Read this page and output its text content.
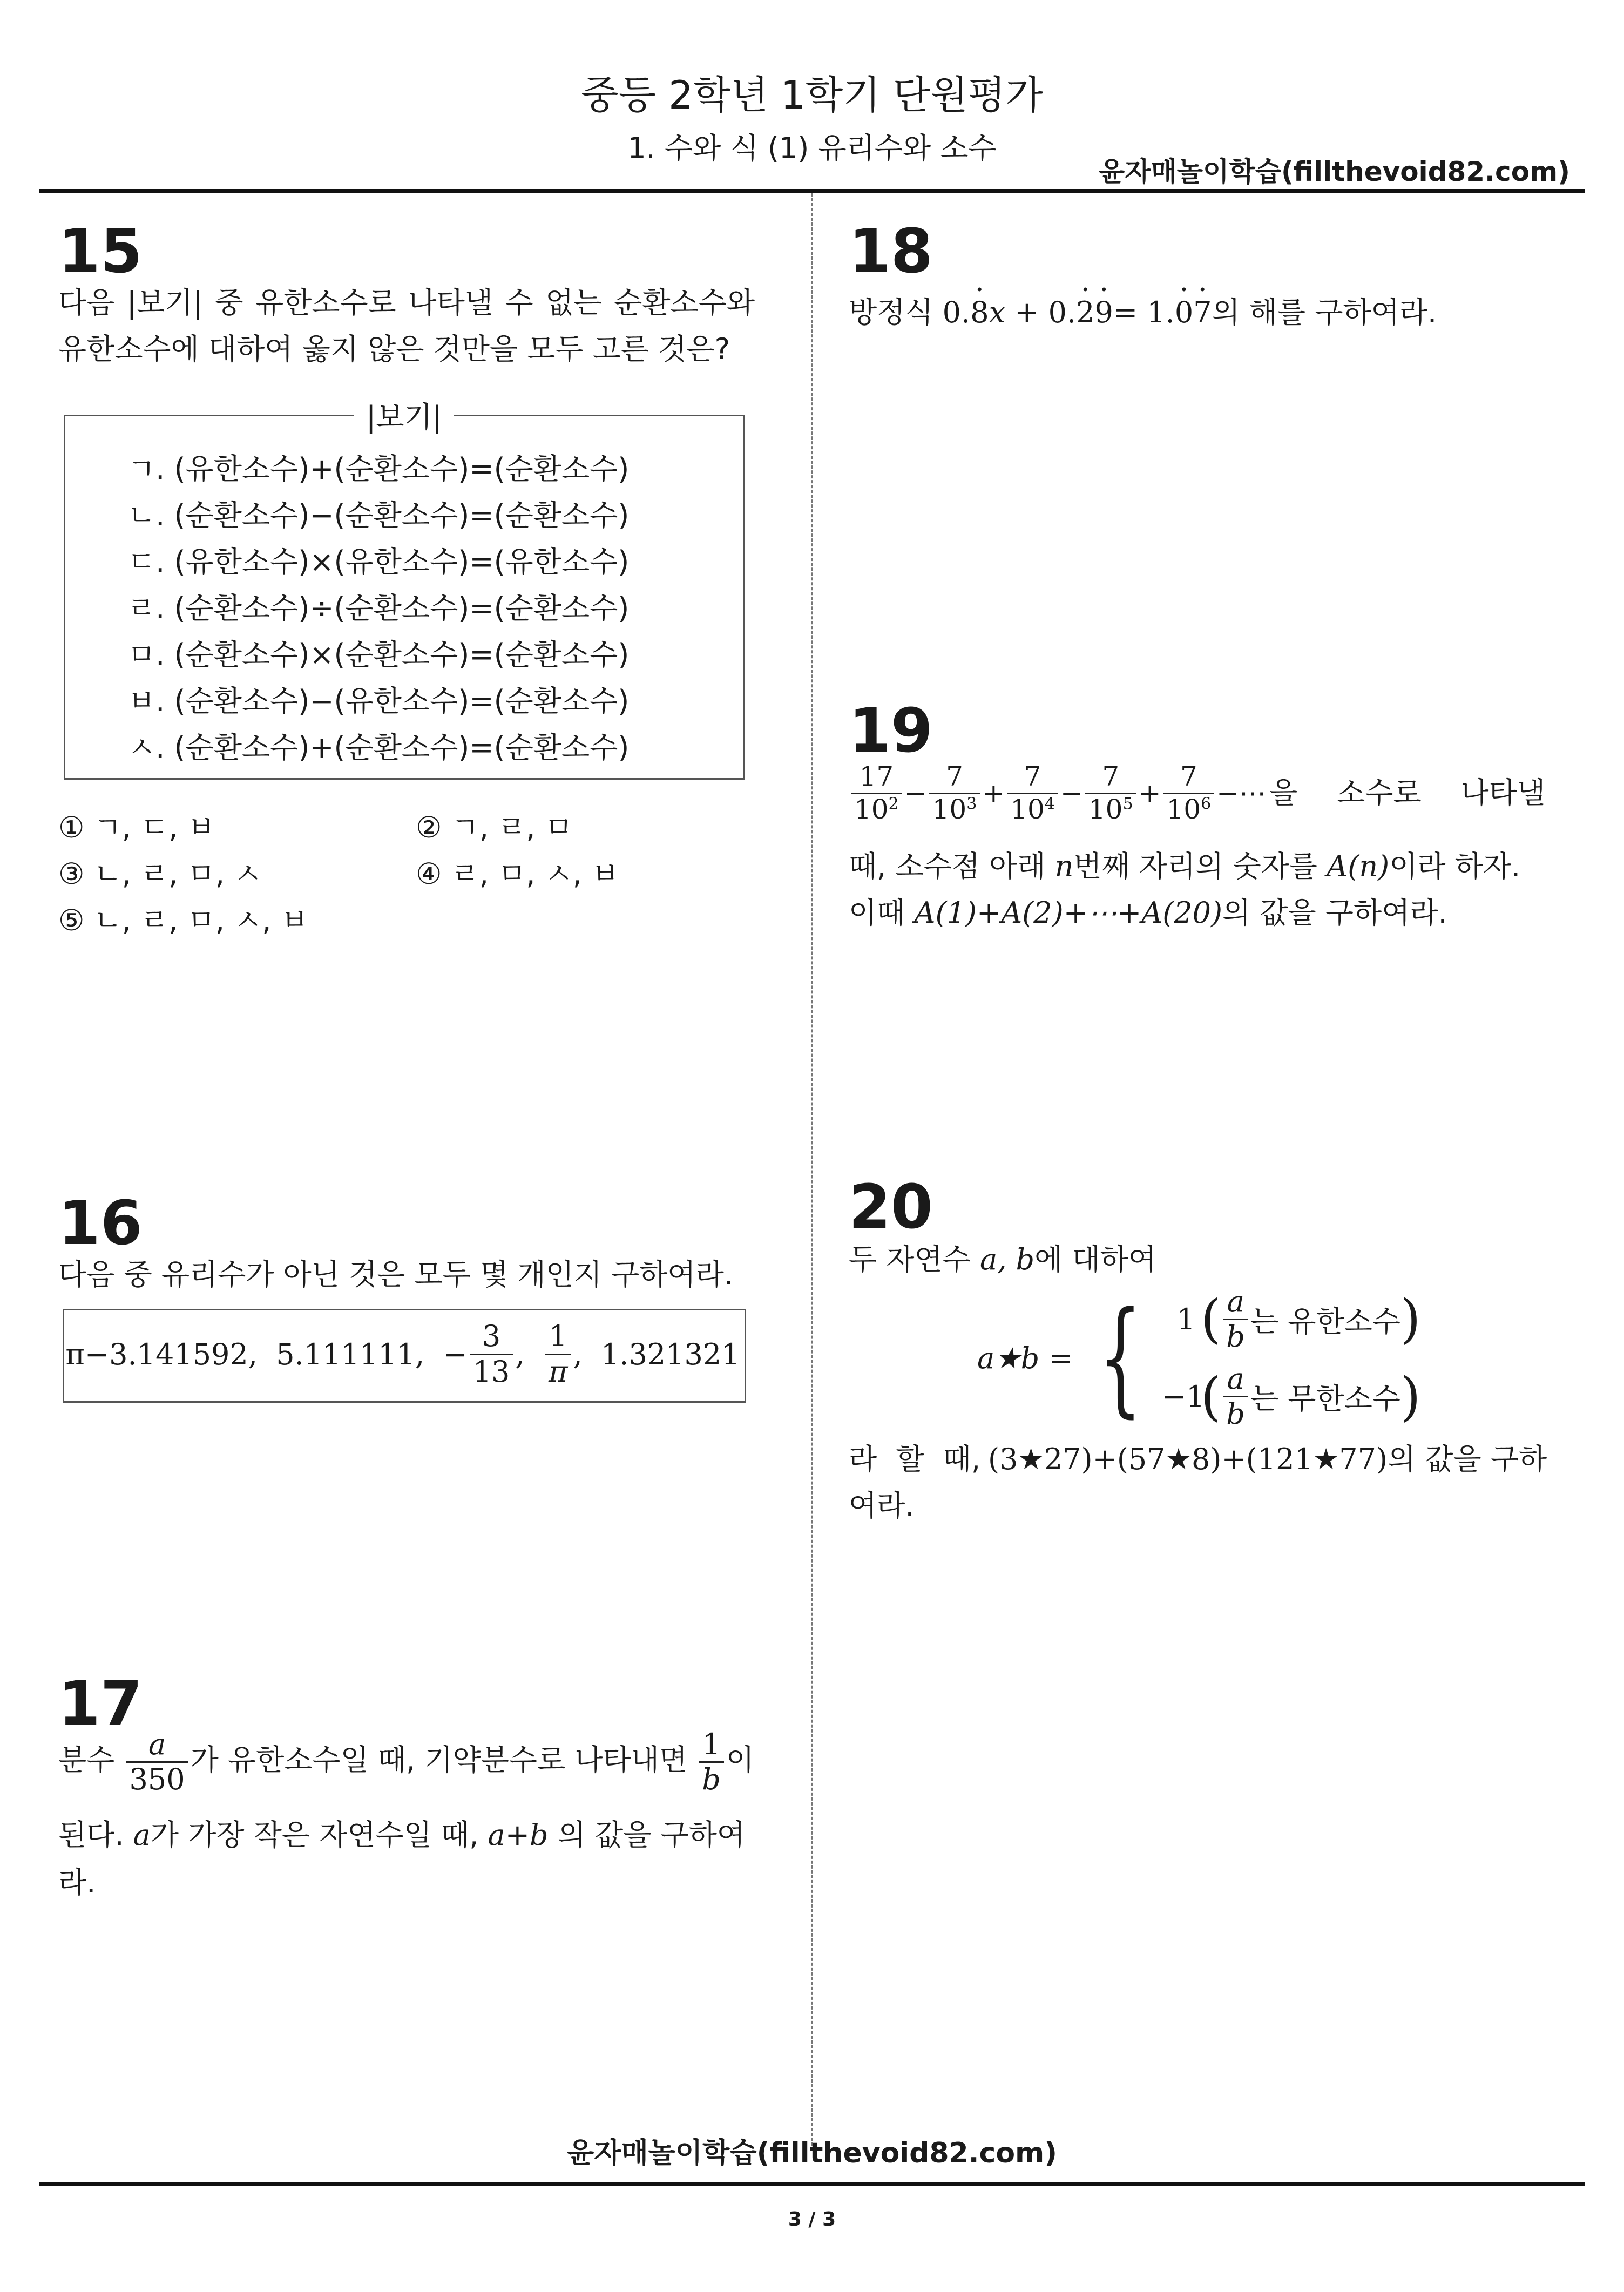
중등 2학년 1학기 단원평가
1. 수와 식 (1) 유리수와 소수
윤자매놀이학습(fillthevoid82.com)
15
다음 |보기| 중 유한소수로 나타낼 수 없는 순환소수와
유한소수에 대하여 옳지 않은 것만을 모두 고른 것은?
|보기|
ㄱ. (유한소수)+(순환소수)=(순환소수)
ㄴ. (순환소수)−(순환소수)=(순환소수)
ㄷ. (유한소수)×(유한소수)=(유한소수)
ㄹ. (순환소수)÷(순환소수)=(순환소수)
ㅁ. (순환소수)×(순환소수)=(순환소수)
ㅂ. (순환소수)−(유한소수)=(순환소수)
ㅅ. (순환소수)+(순환소수)=(순환소수)
① ㄱ, ㄷ, ㅂ	② ㄱ, ㄹ, ㅁ
③ ㄴ, ㄹ, ㅁ, ㅅ	④ ㄹ, ㅁ, ㅅ, ㅂ
⑤ ㄴ, ㄹ, ㅁ, ㅅ, ㅂ
16
다음 중 유리수가 아닌 것은 모두 몇 개인지 구하여라.
π−3.141592,
5.111111,
− $\frac{3}{13}$ ,
$\frac{1}{\pi}$ ,
1.321321
17
분수 $\frac{a}{350}$ 가 유한소수일 때, 기약분수로 나타내면 $\frac{1}{b}$ 이
된다. a가 가장 작은 자연수일 때, a+b 의 값을 구하여
라.
18
방정식 0.· 8x + 0.· 2· 9= 1.· 0· 7의 해를 구하여라.
19
$\frac{17}{10^2} - \frac{7}{10^3} + \frac{7}{10^4} - \frac{7}{10^5} + \frac{7}{10^6}$ − ⋯ 을 소수로 나타낼
때, 소수점 아래 n번째 자리의 숫자를 A(n)이라 하자.
이때 A(1)+A(2)+⋯+A(20)의 값을 구하여라.
20
두 자연수 a, b에 대하여
a★b = {	1 ( $\frac{a}{b}$ 는 유한소수 )
−1
( $\frac{a}{b}$ 는 무한소수 )
라 할 때, (3★27)+(57★8)+(121★77) 의 값을 구하
여라.
윤자매놀이학습(fillthevoid82.com)
3 / 3
